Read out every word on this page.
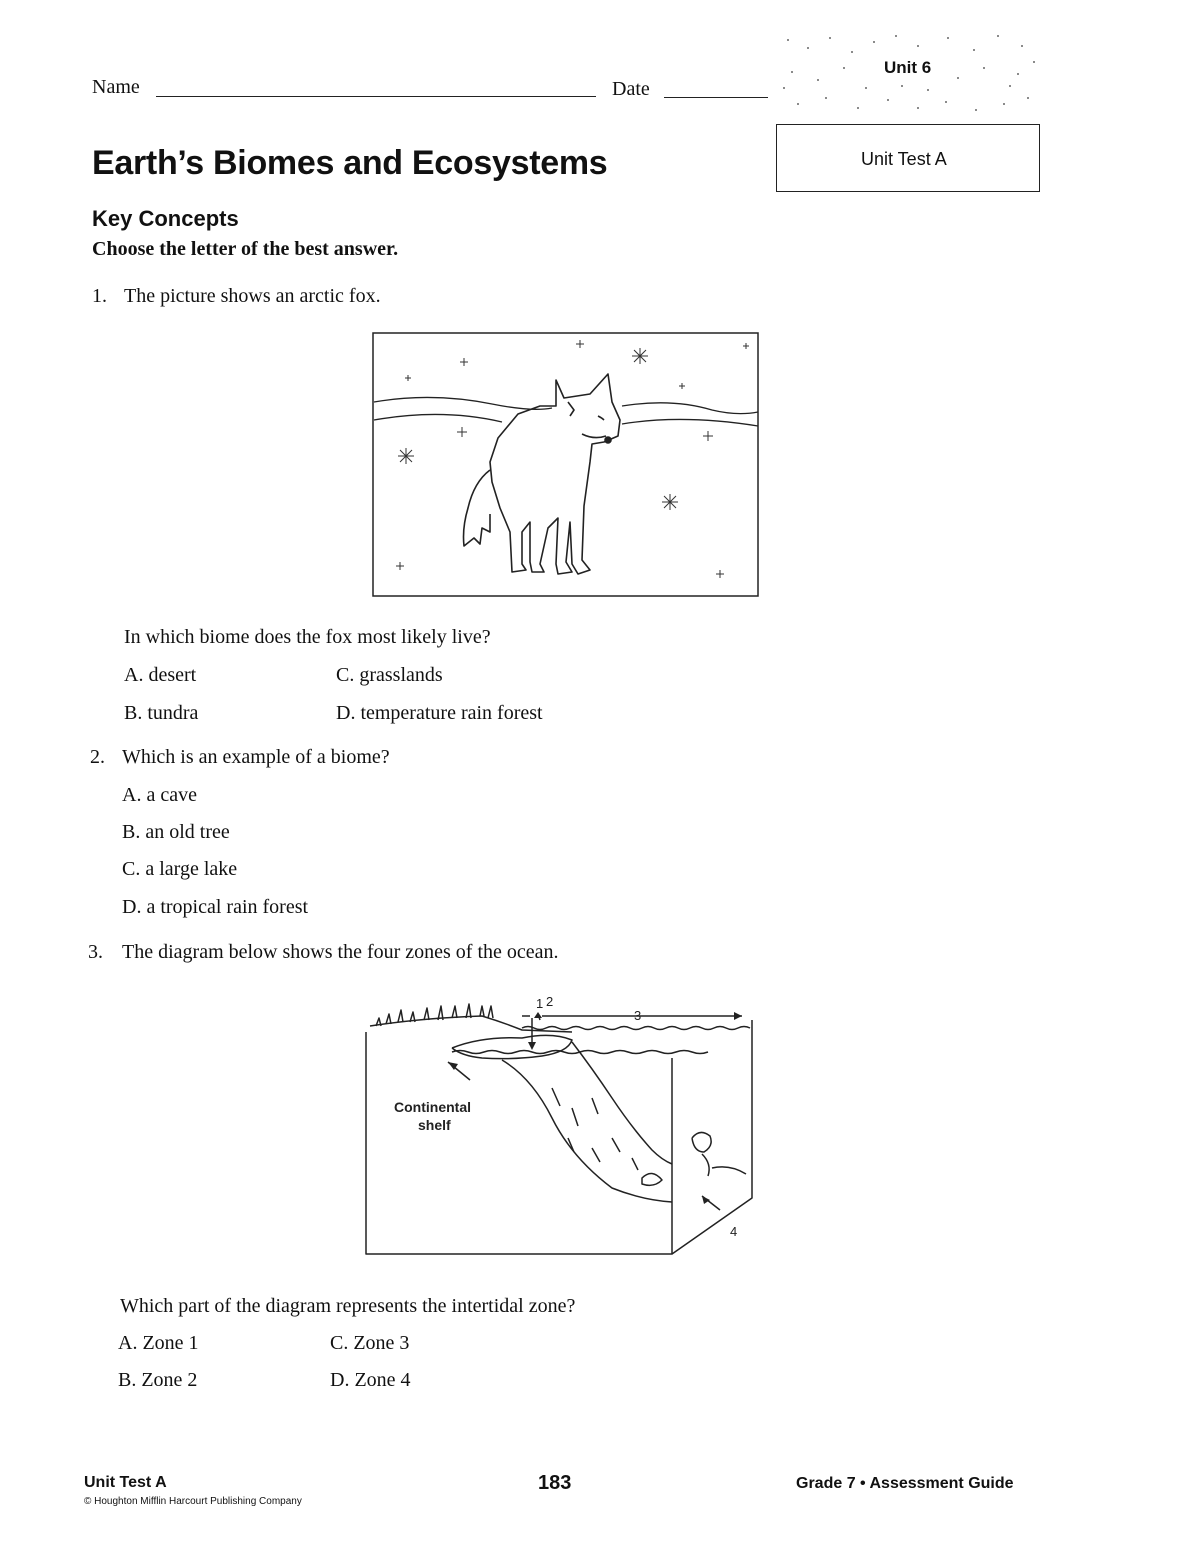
Name	Date
Unit 6
Unit Test A
Earth’s Biomes and Ecosystems
Key Concepts
Choose the letter of the best answer.
1. The picture shows an arctic fox.
In which biome does the fox most likely live?
A. desert	C. grasslands
B. tundra	D. temperature rain forest
2. Which is an example of a biome?
A. a cave
B. an old tree
C. a large lake
D. a tropical rain forest
3. The diagram below shows the four zones of the ocean.
1 2
3
4
Continental
shelf
Which part of the diagram represents the intertidal zone?
A. Zone 1	C. Zone 3
B. Zone 2	D. Zone 4
Unit Test A
© Houghton Mifflin Harcourt Publishing Company
183	Grade 7 • Assessment Guide
